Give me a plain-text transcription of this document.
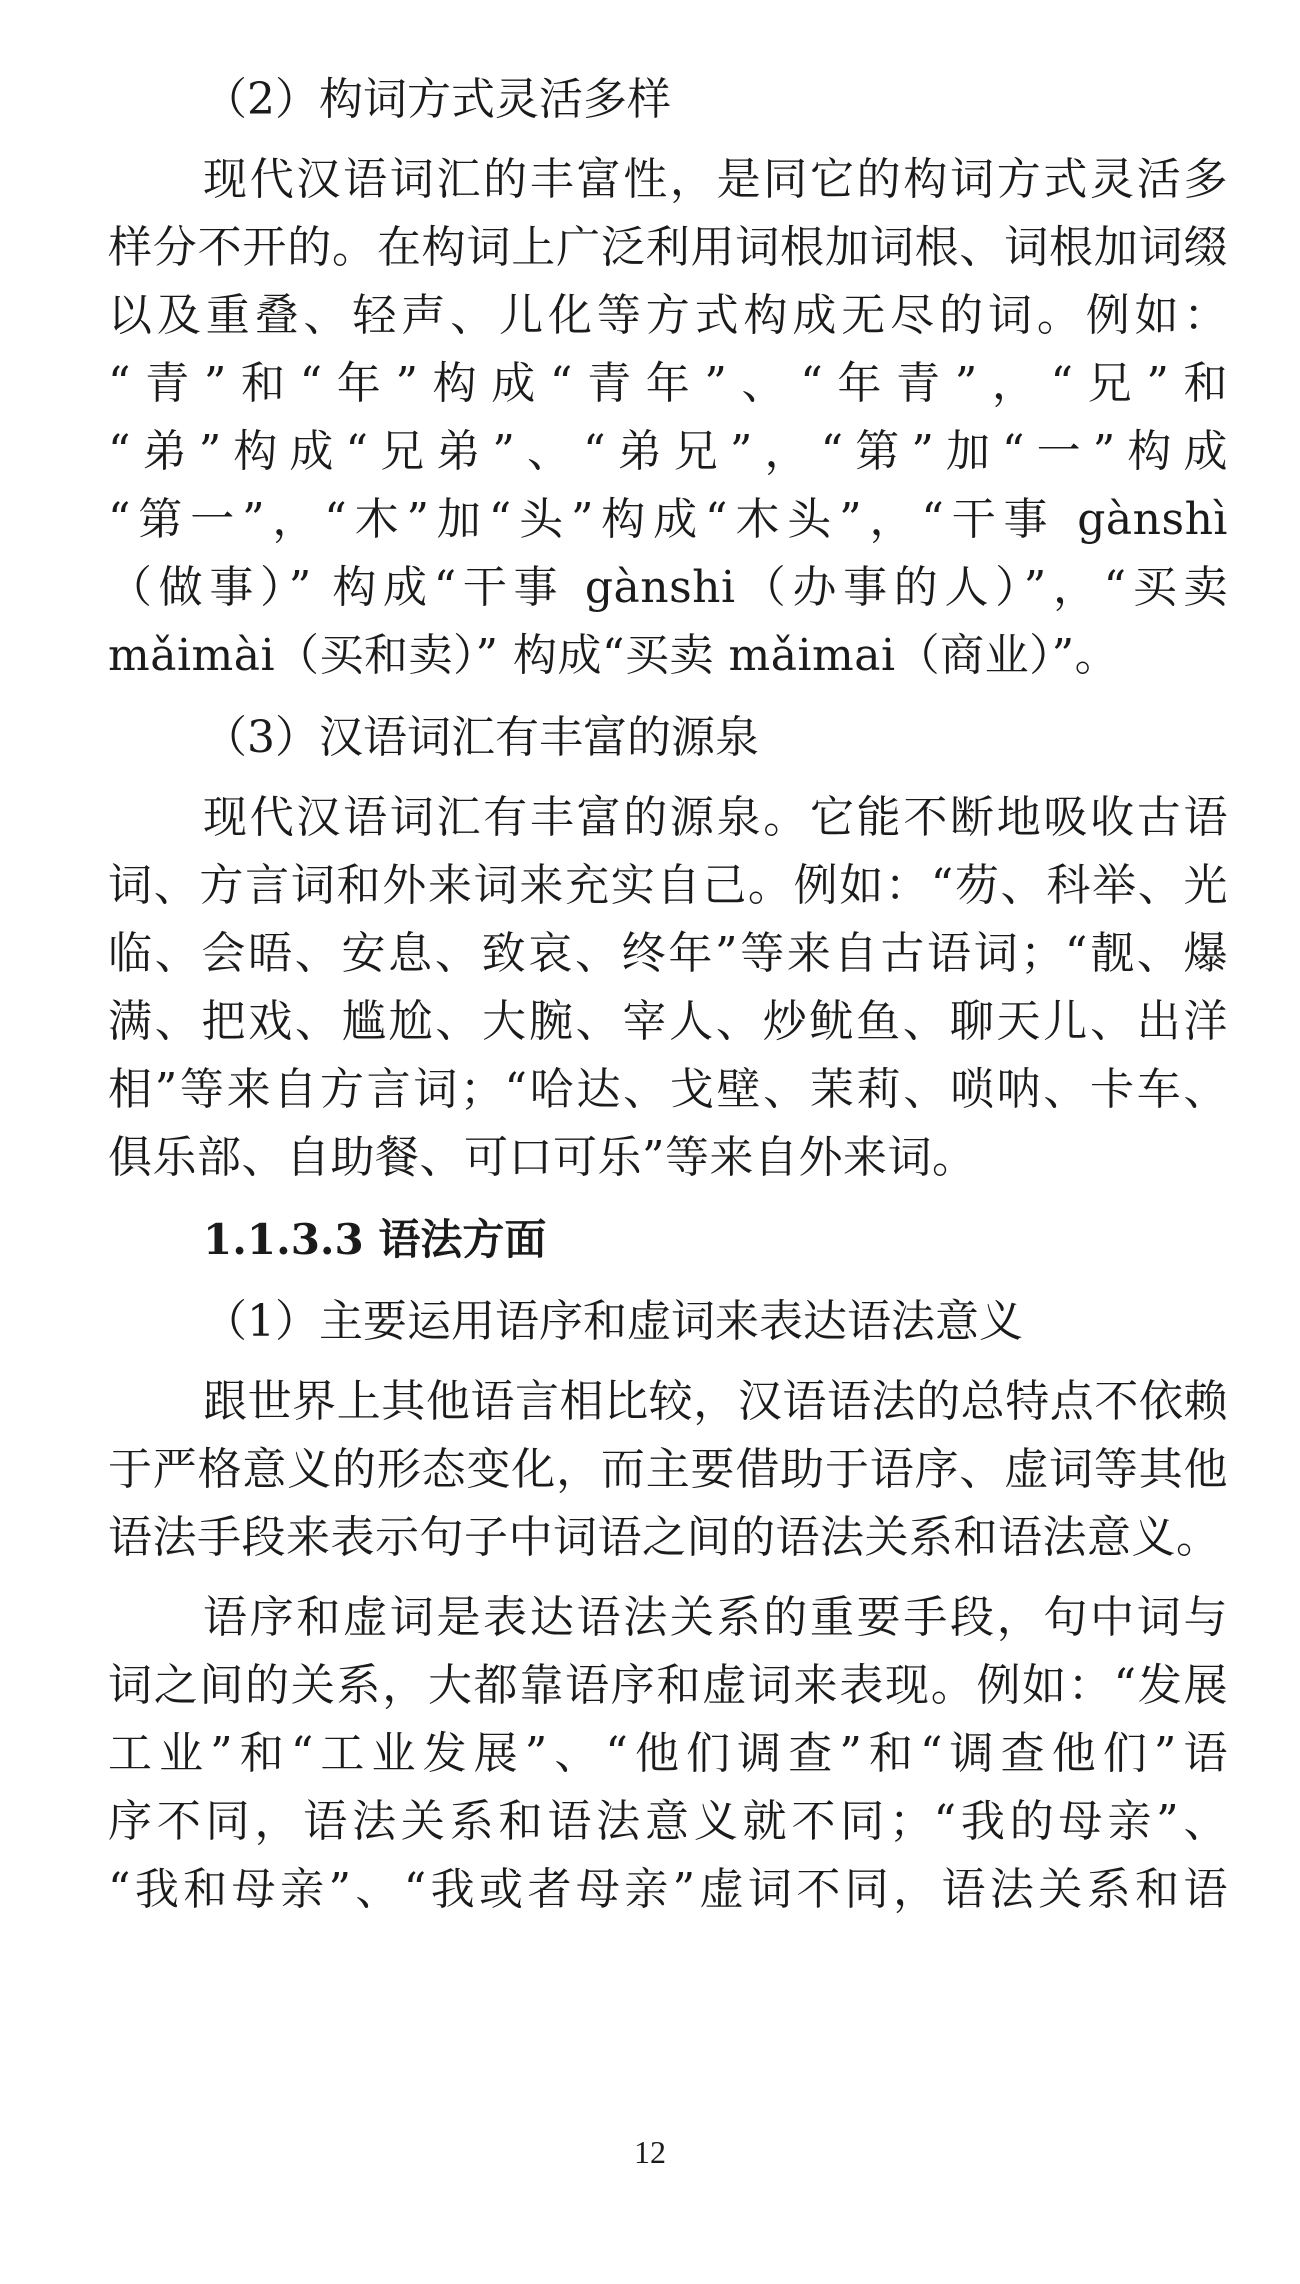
（2）构词方式灵活多样
现代汉语词汇的丰富性，是同它的构词方式灵活多
样分不开的。在构词上广泛利用词根加词根、词根加词缀
以及重叠、轻声、儿化等方式构成无尽的词。例如：
“青”和“年”构成“青年”、“年青”，“兄”和
“弟”构成“兄弟”、“弟兄”，“第”加“一”构成
“第一”，“木”加“头”构成“木头”，“干事 gànshì
（做事）” 构成“干事 gànshi（办事的人）”，“买卖
mǎimài（买和卖）” 构成“买卖 mǎimai（商业）”。
（3）汉语词汇有丰富的源泉
现代汉语词汇有丰富的源泉。它能不断地吸收古语
词、方言词和外来词来充实自己。例如：“芴、科举、光
临、会晤、安息、致哀、终年”等来自古语词；“靓、爆
满、把戏、尴尬、大腕、宰人、炒鱿鱼、聊天儿、出洋
相”等来自方言词；“哈达、戈壁、茉莉、唢呐、卡车、
俱乐部、自助餐、可口可乐”等来自外来词。
1.1.3.3 语法方面
（1）主要运用语序和虚词来表达语法意义
跟世界上其他语言相比较，汉语语法的总特点不依赖
于严格意义的形态变化，而主要借助于语序、虚词等其他
语法手段来表示句子中词语之间的语法关系和语法意义。
语序和虚词是表达语法关系的重要手段，句中词与
词之间的关系，大都靠语序和虚词来表现。例如：“发展
工业”和“工业发展”、“他们调查”和“调查他们”语
序不同，语法关系和语法意义就不同；“我的母亲”、
“我和母亲”、“我或者母亲”虚词不同，语法关系和语
12
